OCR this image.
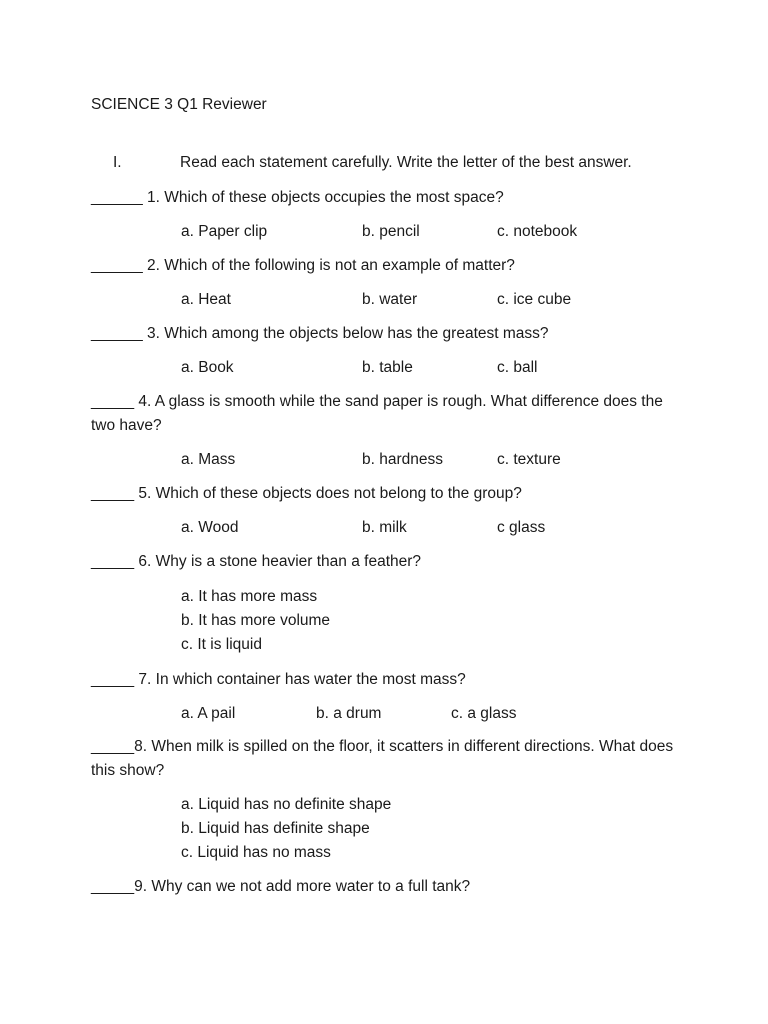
SCIENCE 3 Q1 Reviewer
I.	Read each statement carefully. Write the letter of the best answer.
______ 1. Which of these objects occupies the most space?
a. Paper clip	b. pencil	c. notebook
______ 2. Which of the following is not an example of matter?
a. Heat	b. water	c. ice cube
______ 3. Which among the objects below has the greatest mass?
a. Book	b. table	c. ball
_____ 4. A glass is smooth while the sand paper is rough. What difference does the two have?
a. Mass	b. hardness	c. texture
_____ 5. Which of these objects does not belong to the group?
a. Wood	b. milk	c glass
_____ 6. Why is a stone heavier than a feather?
a. It has more mass
b. It has more volume
c. It is liquid
_____ 7. In which container has water the most mass?
a. A pail	b. a drum	c. a glass
_____8. When milk is spilled on the floor, it scatters in different directions. What does this show?
a. Liquid has no definite shape
b. Liquid has definite shape
c. Liquid has no mass
_____9. Why can we not add more water to a full tank?
